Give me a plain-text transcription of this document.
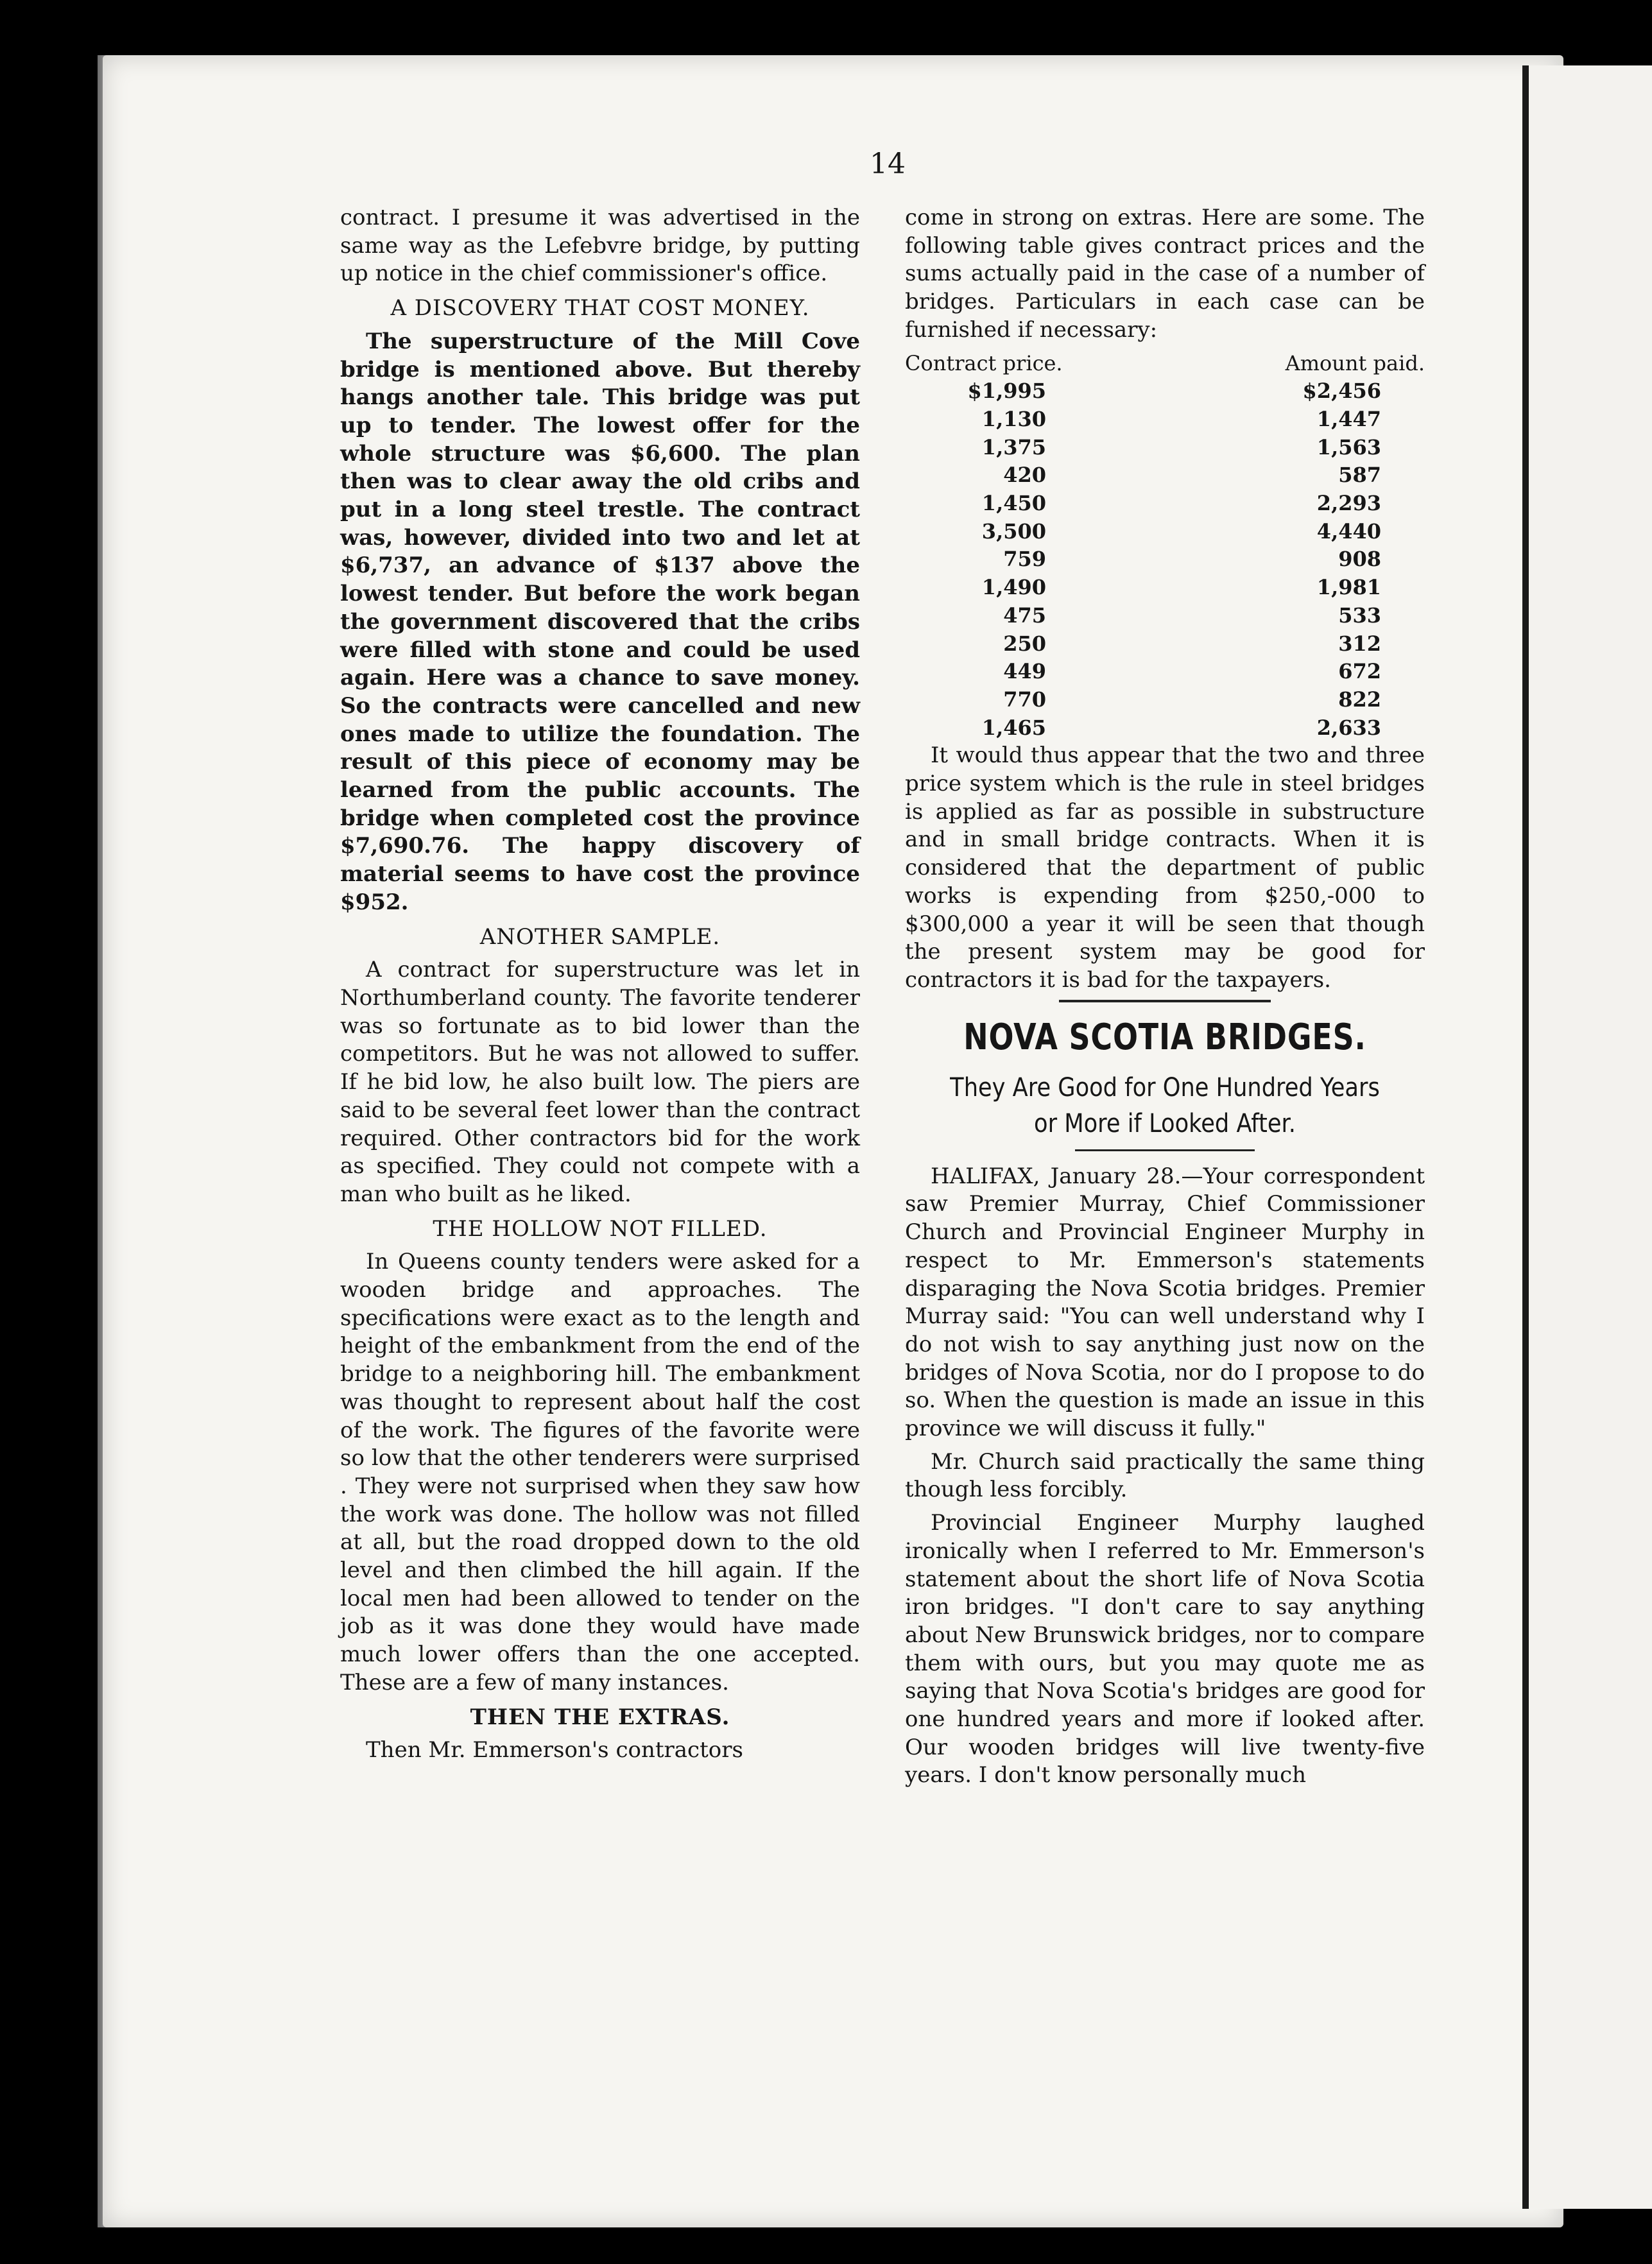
14

contract. I presume it was advertised in the same way as the Lefebvre bridge, by putting up notice in the chief commissioner's office.

A DISCOVERY THAT COST MONEY.

The superstructure of the Mill Cove bridge is mentioned above. But thereby hangs another tale. This bridge was put up to tender. The lowest offer for the whole structure was $6,600. The plan then was to clear away the old cribs and put in a long steel trestle. The contract was, however, divided into two and let at $6,737, an advance of $137 above the lowest tender. But before the work began the government discovered that the cribs were filled with stone and could be used again. Here was a chance to save money. So the contracts were cancelled and new ones made to utilize the foundation. The result of this piece of economy may be learned from the public accounts. The bridge when completed cost the province $7,690.76. The happy discovery of material seems to have cost the province $952.

ANOTHER SAMPLE.

A contract for superstructure was let in Northumberland county. The favorite tenderer was so fortunate as to bid lower than the competitors. But he was not allowed to suffer. If he bid low, he also built low. The piers are said to be several feet lower than the contract required. Other contractors bid for the work as specified. They could not compete with a man who built as he liked.

THE HOLLOW NOT FILLED.

In Queens county tenders were asked for a wooden bridge and approaches. The specifications were exact as to the length and height of the embankment from the end of the bridge to a neighboring hill. The embankment was thought to represent about half the cost of the work. The figures of the favorite were so low that the other tenderers were surprised . They were not surprised when they saw how the work was done. The hollow was not filled at all, but the road dropped down to the old level and then climbed the hill again. If the local men had been allowed to tender on the job as it was done they would have made much lower offers than the one accepted. These are a few of many instances.

THEN THE EXTRAS.

Then Mr. Emmerson's contractors

come in strong on extras. Here are some. The following table gives contract prices and the sums actually paid in the case of a number of bridges. Particulars in each case can be furnished if necessary:

Contract price.	Amount paid.
$1,995	$2,456
1,130	1,447
1,375	1,563
420	587
1,450	2,293
3,500	4,440
759	908
1,490	1,981
475	533
250	312
449	672
770	822
1,465	2,633

It would thus appear that the two and three price system which is the rule in steel bridges is applied as far as possible in substructure and in small bridge contracts. When it is considered that the department of public works is expending from $250,-000 to $300,000 a year it will be seen that though the present system may be good for contractors it is bad for the taxpayers.

NOVA SCOTIA BRIDGES.
They Are Good for One Hundred Years or More if Looked After.

HALIFAX, January 28.—Your correspondent saw Premier Murray, Chief Commissioner Church and Provincial Engineer Murphy in respect to Mr. Emmerson's statements disparaging the Nova Scotia bridges. Premier Murray said: "You can well understand why I do not wish to say anything just now on the bridges of Nova Scotia, nor do I propose to do so. When the question is made an issue in this province we will discuss it fully."

Mr. Church said practically the same thing though less forcibly.

Provincial Engineer Murphy laughed ironically when I referred to Mr. Emmerson's statement about the short life of Nova Scotia iron bridges. "I don't care to say anything about New Brunswick bridges, nor to compare them with ours, but you may quote me as saying that Nova Scotia's bridges are good for one hundred years and more if looked after. Our wooden bridges will live twenty-five years. I don't know personally much
